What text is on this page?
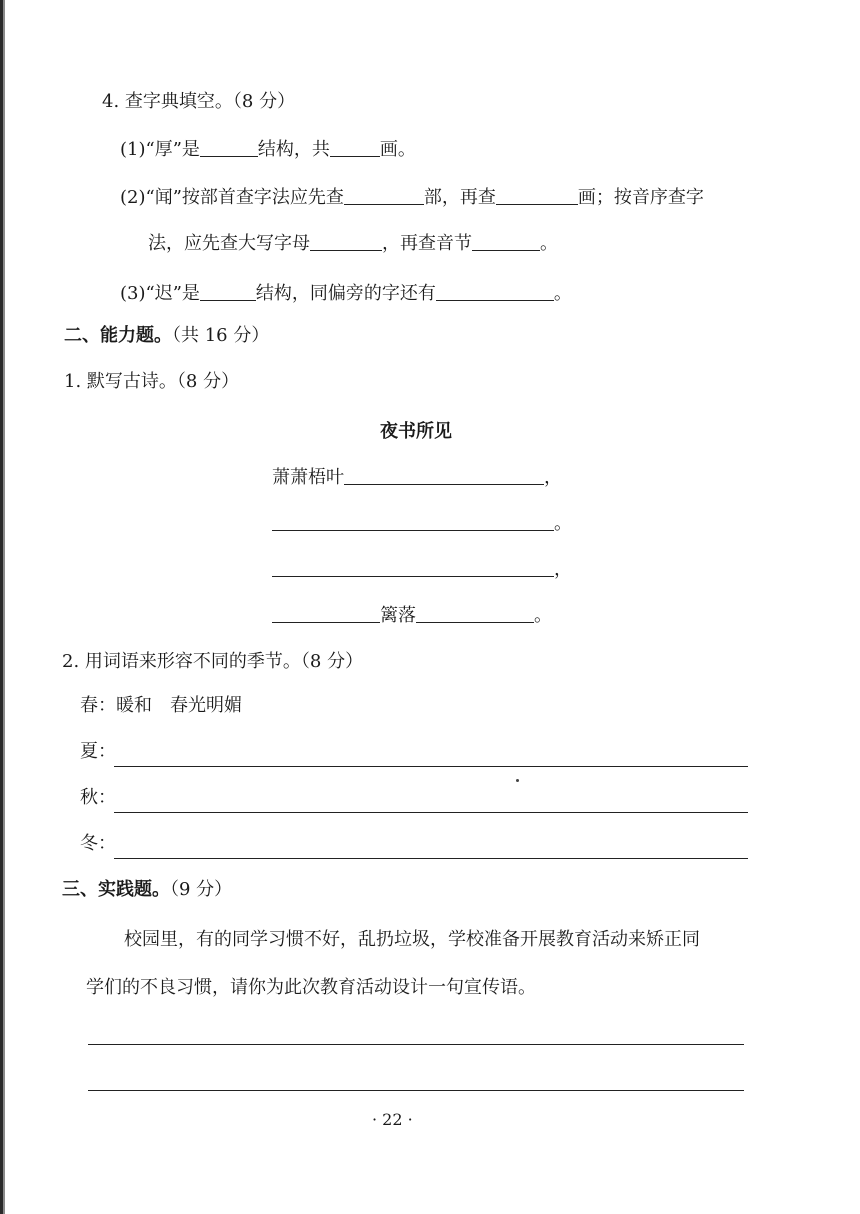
4. 查字典填空。（8 分）
(1)“厚”是	结构，共	画。
(2)“闻”按部首查字法应先查	部，再查	画；按音序查字
法，应先查大写字母	，再查音节	。
(3)“迟”是	结构，同偏旁的字还有	。
二、能力题。（共 16 分）
1. 默写古诗。（8 分）
夜书所见
萧萧梧叶	，
。
，
篱落	。
2. 用词语来形容不同的季节。（8 分）
春：暖和　春光明媚
夏：
秋：
冬：
三、实践题。（9 分）
校园里，有的同学习惯不好，乱扔垃圾，学校准备开展教育活动来矫正同
学们的不良习惯，请你为此次教育活动设计一句宣传语。
· 22 ·
